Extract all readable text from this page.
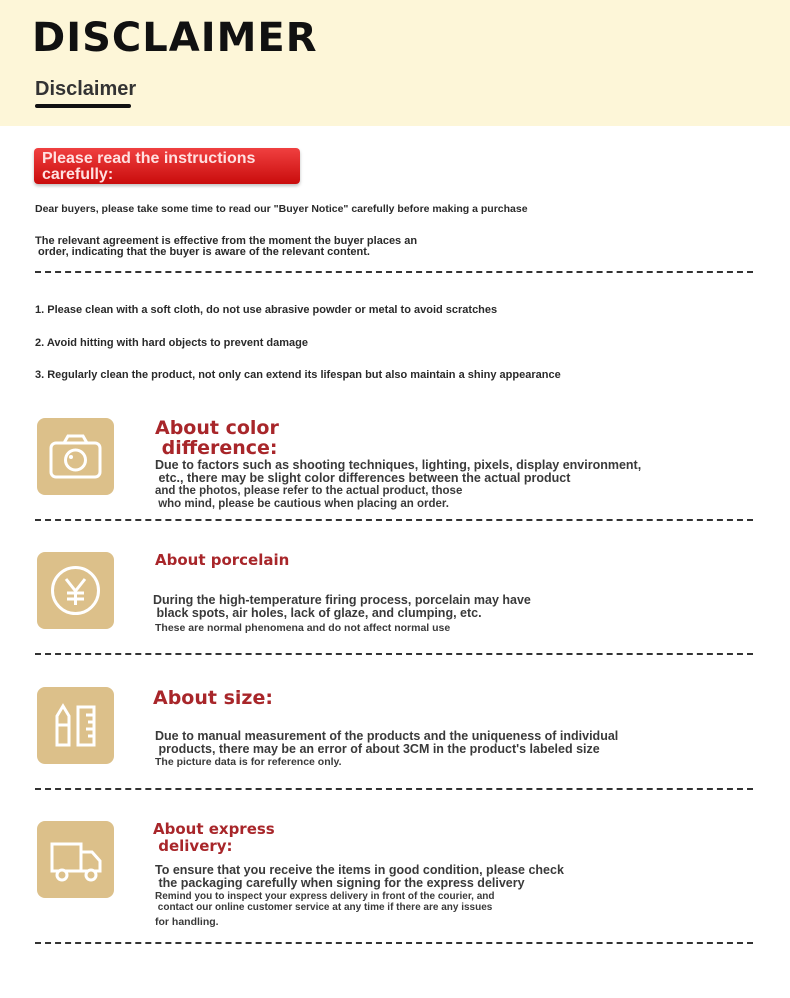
DISCLAIMER
Disclaimer
Please read the instructions
carefully:
Dear buyers, please take some time to read our "Buyer Notice" carefully before making a purchase
The relevant agreement is effective from the moment the buyer places an
order, indicating that the buyer is aware of the relevant content.
1. Please clean with a soft cloth, do not use abrasive powder or metal to avoid scratches
2. Avoid hitting with hard objects to prevent damage
3. Regularly clean the product, not only can extend its lifespan but also maintain a shiny appearance
About color
difference:
Due to factors such as shooting techniques, lighting, pixels, display environment,
etc., there may be slight color differences between the actual product
and the photos, please refer to the actual product, those
who mind, please be cautious when placing an order.
About porcelain
During the high-temperature firing process, porcelain may have
black spots, air holes, lack of glaze, and clumping, etc.
These are normal phenomena and do not affect normal use
About size:
Due to manual measurement of the products and the uniqueness of individual
products, there may be an error of about 3CM in the product's labeled size
The picture data is for reference only.
About express
delivery:
To ensure that you receive the items in good condition, please check
the packaging carefully when signing for the express delivery
Remind you to inspect your express delivery in front of the courier, and
contact our online customer service at any time if there are any issues
for handling.
